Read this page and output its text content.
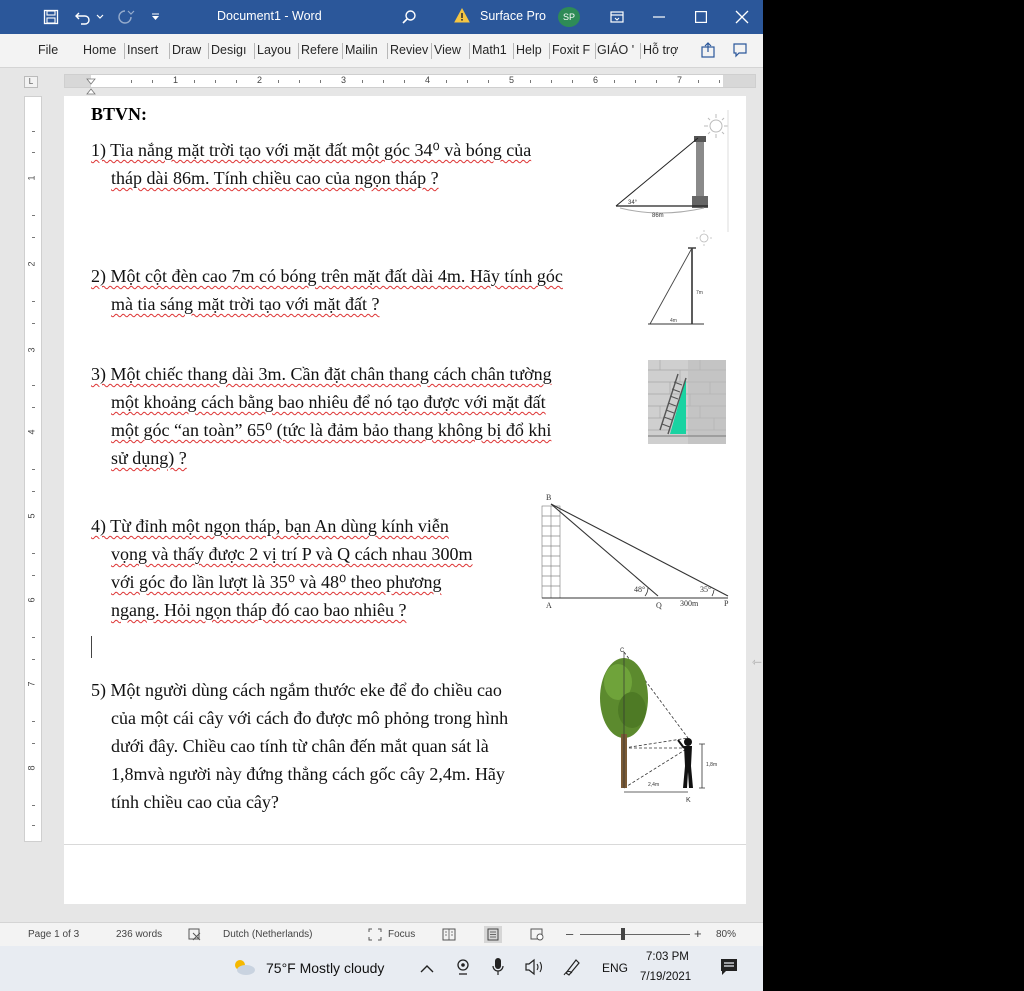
Document1 - Word	Surface Pro	SP
File Home Insert	Draw Desigı Layou Refere Mailin Reviev View Math1 Help Foxit F GIÁO ' Hỗ trợ
L	1	2	3	4	5	6	7
1
2
3
4
5
6
7
8
BTVN:
1) Tia nắng mặt trời tạo với mặt đất một góc 34⁰ và bóng của
tháp dài 86m. Tính chiều cao của ngọn tháp ?
2) Một cột đèn cao 7m có bóng trên mặt đất dài 4m. Hãy tính góc
mà tia sáng mặt trời tạo với mặt đất ?
3) Một chiếc thang dài 3m. Cần đặt chân thang cách chân tường
một khoảng cách bằng bao nhiêu để nó tạo được với mặt đất
một góc “an toàn” 65⁰ (tức là đảm bảo thang không bị đổ khi
sử dụng) ?
4) Từ đỉnh một ngọn tháp, bạn An dùng kính viễn
vọng và thấy được 2 vị trí P và Q cách nhau 300m
với góc đo lần lượt là 35⁰ và 48⁰ theo phương
ngang. Hỏi ngọn tháp đó cao bao nhiêu ?
5) Một người dùng cách ngắm thước eke để đo chiều cao
của một cái cây với cách đo được mô phỏng trong hình
dưới đây. Chiều cao tính từ chân đến mắt quan sát là
1,8mvà người này đứng thẳng cách gốc cây 2,4m. Hãy
tính chiều cao của cây?
34°
86m
7m
4m
B
A	Q	P
48°	35°
300m
C
K
1,8m
2,4m
⇽
Page 1 of 3	236 words	Dutch (Netherlands)	Focus	–	+ 80%
75°F Mostly cloudy	ENG
7:03 PM
7/19/2021
